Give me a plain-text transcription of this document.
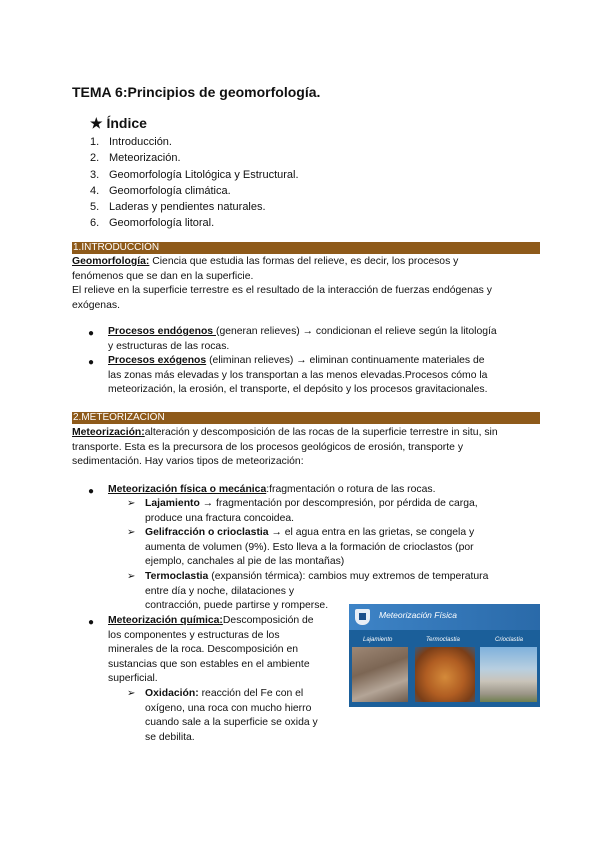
TEMA 6:Principios de geomorfología.
★ Índice
1. Introducción.
2. Meteorización.
3. Geomorfología Litológica y Estructural.
4. Geomorfología climática.
5. Laderas y pendientes naturales.
6. Geomorfología litoral.
1.INTRODUCCIÓN
Geomorfología: Ciencia que estudia las formas del relieve, es decir, los procesos y
fenómenos que se dan en la superficie.
El relieve en la superficie terrestre es el resultado de la interacción de fuerzas endógenas y
exógenas.
● Procesos endógenos (generan relieves) → condicionan el relieve según la litología
y estructuras de las rocas.
● Procesos exógenos (eliminan relieves) → eliminan continuamente materiales de
las zonas más elevadas y los transportan a las menos elevadas.Procesos cómo la
meteorización, la erosión, el transporte, el depósito y los procesos gravitacionales.
2.METEORIZACIÓN
Meteorización:alteración y descomposición de las rocas de la superficie terrestre in situ, sin
transporte. Esta es la precursora de los procesos geológicos de erosión, transporte y
sedimentación. Hay varios tipos de meteorización:
● Meteorización física o mecánica:fragmentación o rotura de las rocas.
➢ Lajamiento → fragmentación por descompresión, por pérdida de carga,
produce una fractura concoidea.
➢ Gelifracción o crioclastia → el agua entra en las grietas, se congela y
aumenta de volumen (9%). Esto lleva a la formación de crioclastos (por
ejemplo, canchales al pie de las montañas)
➢ Termoclastia (expansión térmica): cambios muy extremos de temperatura
entre día y noche, dilataciones y
contracción, puede partirse y romperse.
● Meteorización química:Descomposición de
los componentes y estructuras de los
minerales de la roca. Descomposición en
sustancias que son estables en el ambiente
superficial.
➢ Oxidación: reacción del Fe con el
oxígeno, una roca con mucho hierro
cuando sale a la superficie se oxida y
se debilita.
Meteorización Física
Lajamiento	Termoclastia	Crioclastia
